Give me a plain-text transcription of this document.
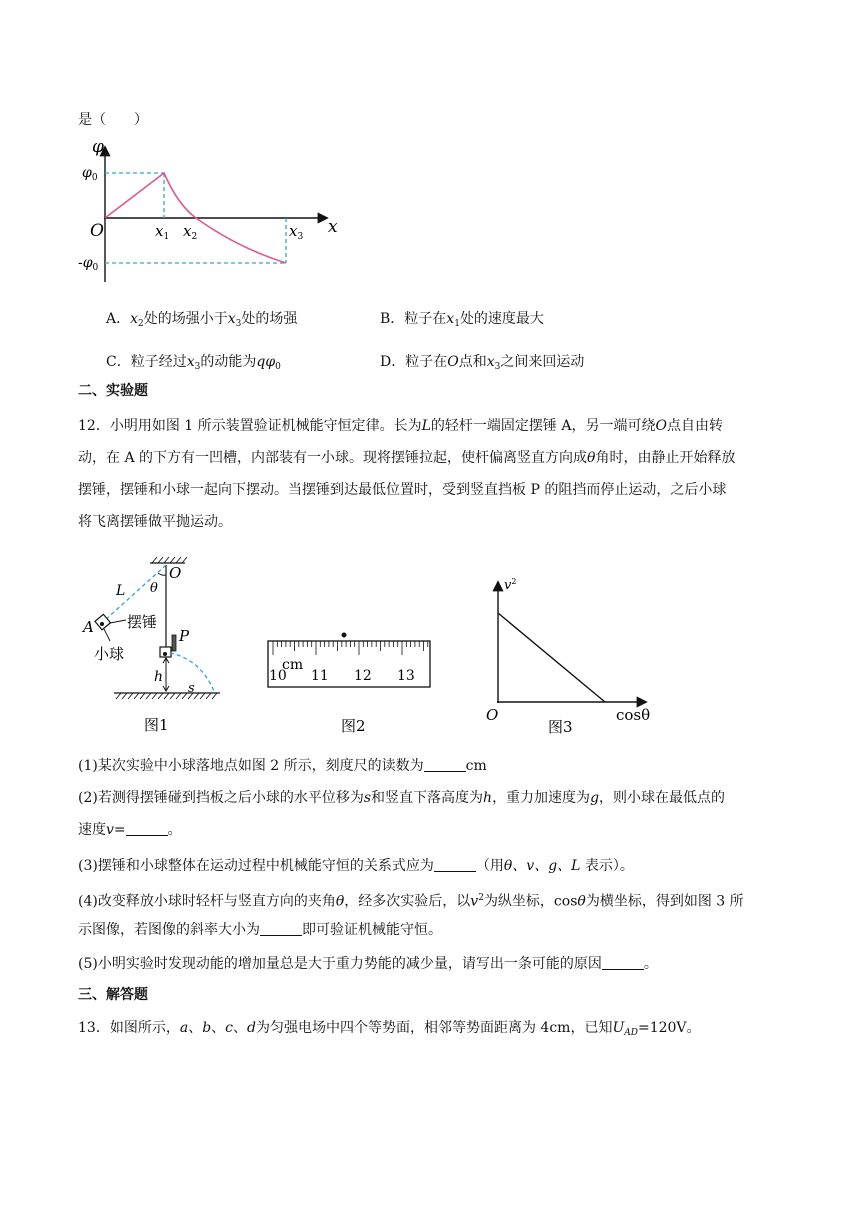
是（　　）
φ
x
O
$\varphi_0$
$-\varphi_0$
$x_1$ $x_2$	$x_3$
A．$x_2$处的场强小于$x_3$处的场强	B．粒子在$x_1$处的速度最大
C．粒子经过$x_3$的动能为$q\varphi_0$	D．粒子在O点和$x_3$之间来回运动
二、实验题
12．小明用如图 1 所示装置验证机械能守恒定律。长为L的轻杆一端固定摆锤 A，另一端可绕O点自由转
动，在 A 的下方有一凹槽，内部装有一小球。现将摆锤拉起，使杆偏离竖直方向成θ角时，由静止开始释放
摆锤，摆锤和小球一起向下摆动。当摆锤到达最低位置时，受到竖直挡板 P 的阻挡而停止运动，之后小球
将飞离摆锤做平抛运动。
O
θ
L
A 摆锤
小球
P
h
s
图1
cm
10 11 12 13
图2
$v^2$
O	cosθ
图3
(1)某次实验中小球落地点如图 2 所示，刻度尺的读数为	cm
(2)若测得摆锤碰到挡板之后小球的水平位移为s和竖直下落高度为h，重力加速度为g，则小球在最低点的
速度v=	。
(3)摆锤和小球整体在运动过程中机械能守恒的关系式应为	（用θ、v、g、L 表示）。
(4)改变释放小球时轻杆与竖直方向的夹角θ，经多次实验后，以$v^2$为纵坐标，cosθ为横坐标，得到如图 3 所
示图像，若图像的斜率大小为	即可验证机械能守恒。
(5)小明实验时发现动能的增加量总是大于重力势能的减少量，请写出一条可能的原因	。
三、解答题
13．如图所示，a、b、c、d为匀强电场中四个等势面，相邻等势面距离为 4cm，已知$U_{AD}=120V$。
